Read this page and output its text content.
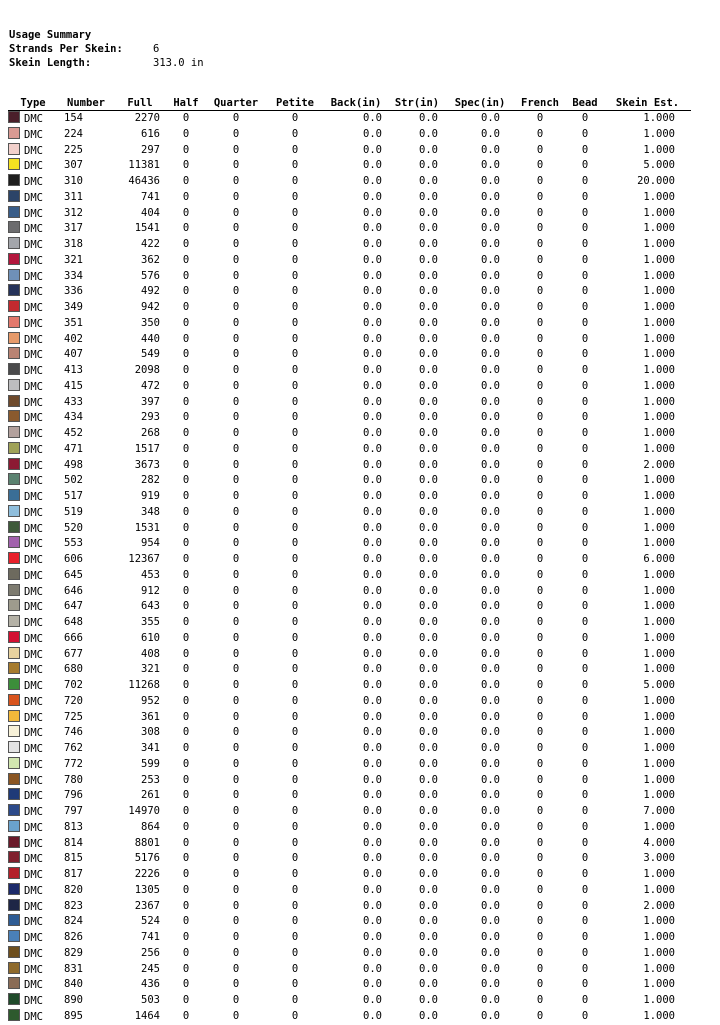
Usage Summary
Strands Per Skein:	6
Skein Length:	313.0 in
Type	Number	Full	Half	Quarter	Petite	Back(in)	Str(in)	Spec(in)	French	Bead	Skein Est.
DMC	154	2270	0	0	0	0.0	0.0	0.0	0	0	1.000
DMC	224	616	0	0	0	0.0	0.0	0.0	0	0	1.000
DMC	225	297	0	0	0	0.0	0.0	0.0	0	0	1.000
DMC	307	11381	0	0	0	0.0	0.0	0.0	0	0	5.000
DMC	310	46436	0	0	0	0.0	0.0	0.0	0	0	20.000
DMC	311	741	0	0	0	0.0	0.0	0.0	0	0	1.000
DMC	312	404	0	0	0	0.0	0.0	0.0	0	0	1.000
DMC	317	1541	0	0	0	0.0	0.0	0.0	0	0	1.000
DMC	318	422	0	0	0	0.0	0.0	0.0	0	0	1.000
DMC	321	362	0	0	0	0.0	0.0	0.0	0	0	1.000
DMC	334	576	0	0	0	0.0	0.0	0.0	0	0	1.000
DMC	336	492	0	0	0	0.0	0.0	0.0	0	0	1.000
DMC	349	942	0	0	0	0.0	0.0	0.0	0	0	1.000
DMC	351	350	0	0	0	0.0	0.0	0.0	0	0	1.000
DMC	402	440	0	0	0	0.0	0.0	0.0	0	0	1.000
DMC	407	549	0	0	0	0.0	0.0	0.0	0	0	1.000
DMC	413	2098	0	0	0	0.0	0.0	0.0	0	0	1.000
DMC	415	472	0	0	0	0.0	0.0	0.0	0	0	1.000
DMC	433	397	0	0	0	0.0	0.0	0.0	0	0	1.000
DMC	434	293	0	0	0	0.0	0.0	0.0	0	0	1.000
DMC	452	268	0	0	0	0.0	0.0	0.0	0	0	1.000
DMC	471	1517	0	0	0	0.0	0.0	0.0	0	0	1.000
DMC	498	3673	0	0	0	0.0	0.0	0.0	0	0	2.000
DMC	502	282	0	0	0	0.0	0.0	0.0	0	0	1.000
DMC	517	919	0	0	0	0.0	0.0	0.0	0	0	1.000
DMC	519	348	0	0	0	0.0	0.0	0.0	0	0	1.000
DMC	520	1531	0	0	0	0.0	0.0	0.0	0	0	1.000
DMC	553	954	0	0	0	0.0	0.0	0.0	0	0	1.000
DMC	606	12367	0	0	0	0.0	0.0	0.0	0	0	6.000
DMC	645	453	0	0	0	0.0	0.0	0.0	0	0	1.000
DMC	646	912	0	0	0	0.0	0.0	0.0	0	0	1.000
DMC	647	643	0	0	0	0.0	0.0	0.0	0	0	1.000
DMC	648	355	0	0	0	0.0	0.0	0.0	0	0	1.000
DMC	666	610	0	0	0	0.0	0.0	0.0	0	0	1.000
DMC	677	408	0	0	0	0.0	0.0	0.0	0	0	1.000
DMC	680	321	0	0	0	0.0	0.0	0.0	0	0	1.000
DMC	702	11268	0	0	0	0.0	0.0	0.0	0	0	5.000
DMC	720	952	0	0	0	0.0	0.0	0.0	0	0	1.000
DMC	725	361	0	0	0	0.0	0.0	0.0	0	0	1.000
DMC	746	308	0	0	0	0.0	0.0	0.0	0	0	1.000
DMC	762	341	0	0	0	0.0	0.0	0.0	0	0	1.000
DMC	772	599	0	0	0	0.0	0.0	0.0	0	0	1.000
DMC	780	253	0	0	0	0.0	0.0	0.0	0	0	1.000
DMC	796	261	0	0	0	0.0	0.0	0.0	0	0	1.000
DMC	797	14970	0	0	0	0.0	0.0	0.0	0	0	7.000
DMC	813	864	0	0	0	0.0	0.0	0.0	0	0	1.000
DMC	814	8801	0	0	0	0.0	0.0	0.0	0	0	4.000
DMC	815	5176	0	0	0	0.0	0.0	0.0	0	0	3.000
DMC	817	2226	0	0	0	0.0	0.0	0.0	0	0	1.000
DMC	820	1305	0	0	0	0.0	0.0	0.0	0	0	1.000
DMC	823	2367	0	0	0	0.0	0.0	0.0	0	0	2.000
DMC	824	524	0	0	0	0.0	0.0	0.0	0	0	1.000
DMC	826	741	0	0	0	0.0	0.0	0.0	0	0	1.000
DMC	829	256	0	0	0	0.0	0.0	0.0	0	0	1.000
DMC	831	245	0	0	0	0.0	0.0	0.0	0	0	1.000
DMC	840	436	0	0	0	0.0	0.0	0.0	0	0	1.000
DMC	890	503	0	0	0	0.0	0.0	0.0	0	0	1.000
DMC	895	1464	0	0	0	0.0	0.0	0.0	0	0	1.000
